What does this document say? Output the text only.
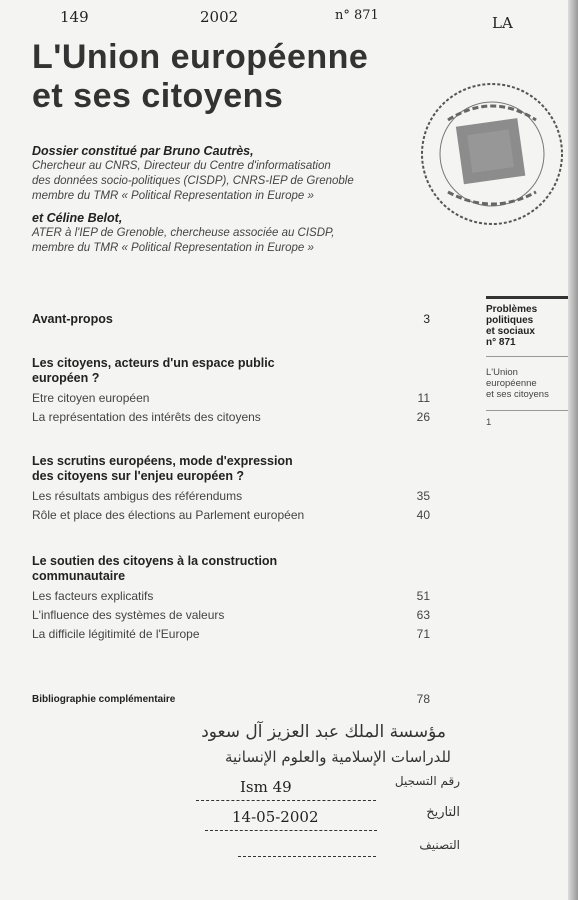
149	2002	n° 871	LA
L'Union européenne
et ses citoyens
Dossier constitué par Bruno Cautrès,
Chercheur au CNRS, Directeur du Centre d'informatisation
des données socio-politiques (CISDP), CNRS-IEP de Grenoble
membre du TMR « Political Representation in Europe »
et Céline Belot,
ATER à l'IEP de Grenoble, chercheuse associée au CISDP,
membre du TMR « Political Representation in Europe »
Avant-propos	3
Les citoyens, acteurs d'un espace public
européen ?
Etre citoyen européen	11
La représentation des intérêts des citoyens	26
Les scrutins européens, mode d'expression
des citoyens sur l'enjeu européen ?
Les résultats ambigus des référendums	35
Rôle et place des élections au Parlement européen	40
Le soutien des citoyens à la construction
communautaire
Les facteurs explicatifs	51
L'influence des systèmes de valeurs	63
La difficile légitimité de l'Europe	71
Bibliographie complémentaire	78
Problèmes
politiques
et sociaux
n° 871
L'Union
européenne
et ses citoyens
1
مؤسسة الملك عبد العزيز آل سعود
للدراسات الإسلامية والعلوم الإنسانية
رقم التسجيل
Ism 49
التاريخ
14-05-2002
التصنيف
